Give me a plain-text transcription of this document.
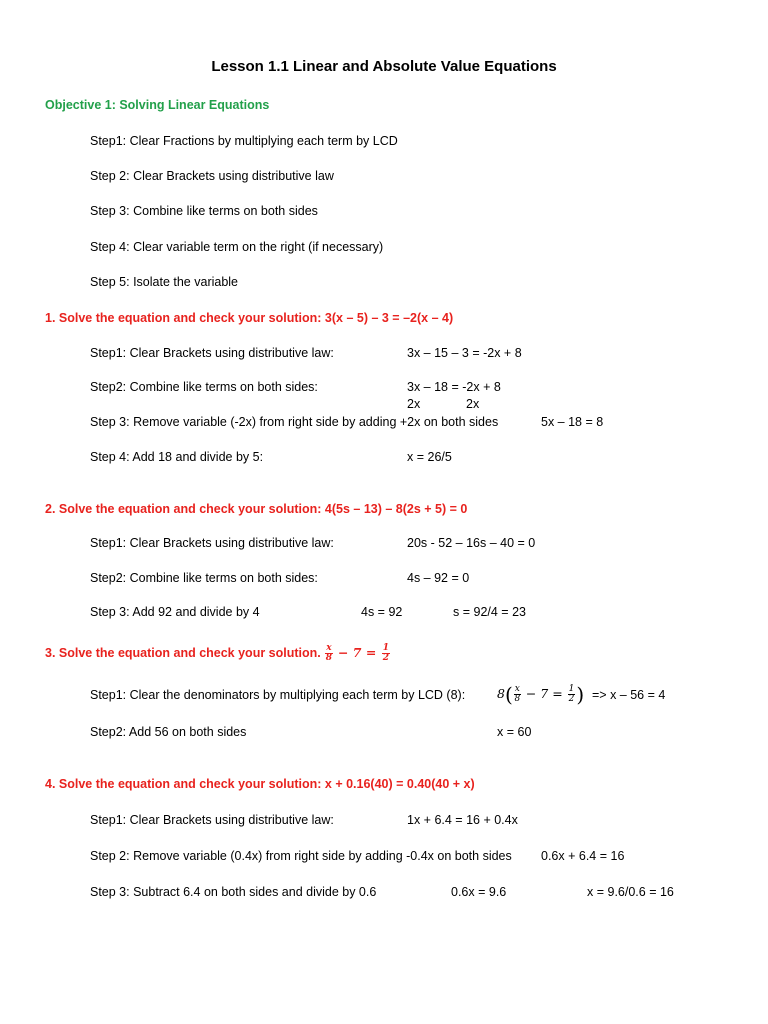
Lesson 1.1 Linear and Absolute Value Equations
Objective 1: Solving Linear Equations
Step1: Clear Fractions by multiplying each term by LCD
Step 2: Clear Brackets using distributive law
Step 3: Combine like terms on both sides
Step 4: Clear variable term on the right (if necessary)
Step 5: Isolate the variable
1. Solve the equation and check your solution: 3(x – 5) – 3 = –2(x – 4)
Step1: Clear Brackets using distributive law:	3x – 15 – 3 = -2x + 8
Step2: Combine like terms on both sides:	3x – 18 = -2x + 8
2x	2x
Step 3: Remove variable (-2x) from right side by adding +2x on both sides	5x – 18 = 8
Step 4: Add 18 and divide by 5:	x = 26/5
2. Solve the equation and check your solution: 4(5s – 13) – 8(2s + 5) = 0
Step1: Clear Brackets using distributive law:	20s - 52 – 16s – 40 = 0
Step2: Combine like terms on both sides:	4s – 92 = 0
Step 3: Add 92 and divide by 4	4s = 92	s = 92/4 = 23
3. Solve the equation and check your solution. $\frac{x}{8} - 7 = \frac{1}{2}$
Step1: Clear the denominators by multiplying each term by LCD (8):	$8( \frac{x}{8} - 7 = \frac{1}{2}$ ) => x – 56 = 4
Step2: Add 56 on both sides	x = 60
4. Solve the equation and check your solution: x + 0.16(40) = 0.40(40 + x)
Step1: Clear Brackets using distributive law:	1x + 6.4 = 16 + 0.4x
Step 2: Remove variable (0.4x) from right side by adding -0.4x on both sides 0.6x + 6.4 = 16
Step 3: Subtract 6.4 on both sides and divide by 0.6	0.6x = 9.6	x = 9.6/0.6 = 16
